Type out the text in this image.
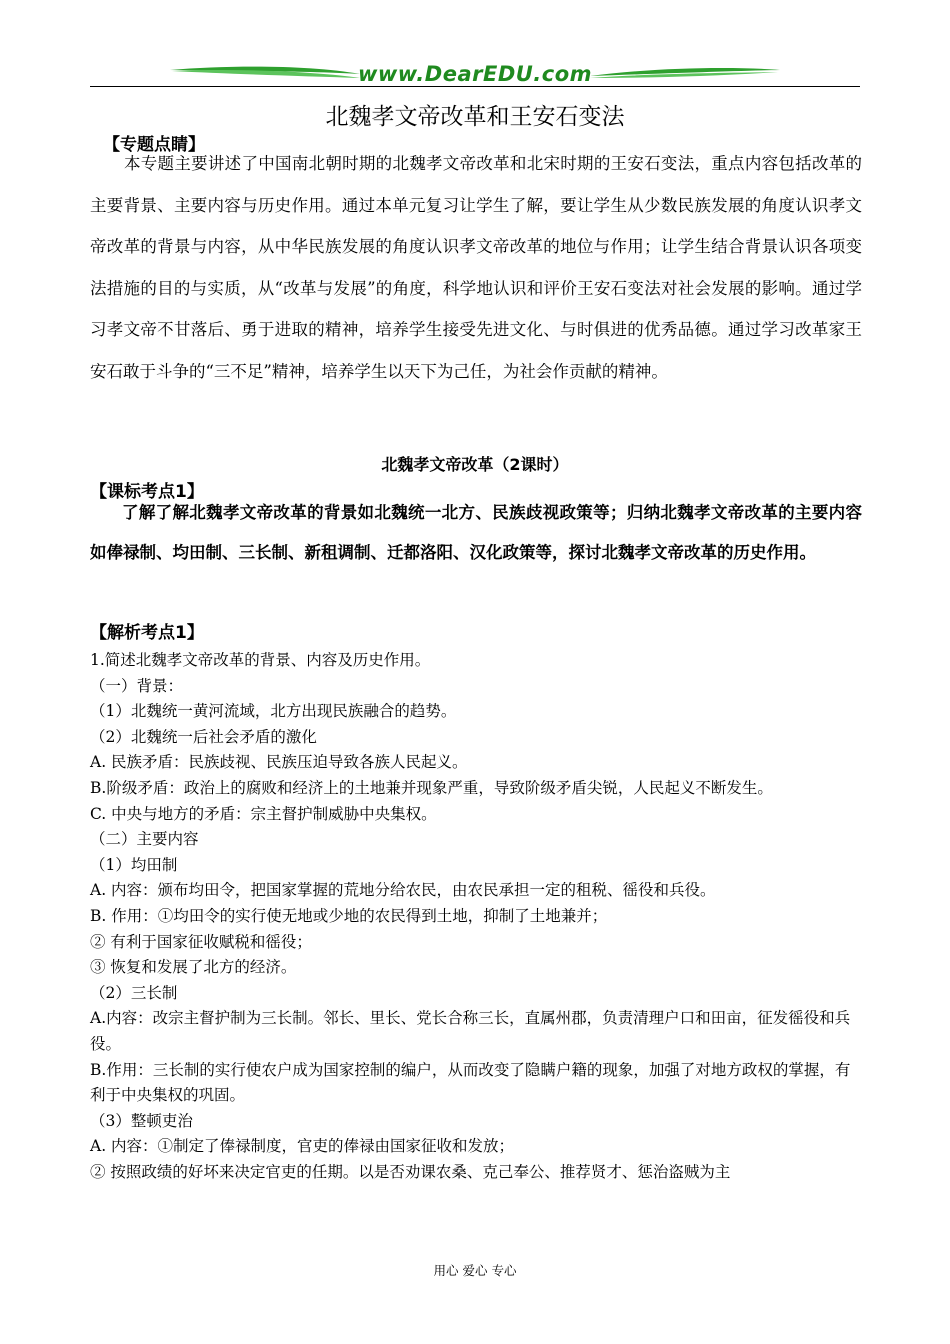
www.DearEDU.com
北魏孝文帝改革和王安石变法
【专题点睛】
本专题主要讲述了中国南北朝时期的北魏孝文帝改革和北宋时期的王安石变法，重点内容包括改革的主要背景、主要内容与历史作用。通过本单元复习让学生了解，要让学生从少数民族发展的角度认识孝文帝改革的背景与内容，从中华民族发展的角度认识孝文帝改革的地位与作用；让学生结合背景认识各项变法措施的目的与实质，从“改革与发展”的角度，科学地认识和评价王安石变法对社会发展的影响。通过学习孝文帝不甘落后、勇于进取的精神，培养学生接受先进文化、与时俱进的优秀品德。通过学习改革家王安石敢于斗争的“三不足”精神，培养学生以天下为己任，为社会作贡献的精神。
北魏孝文帝改革（2课时）
【课标考点1】
了解了解北魏孝文帝改革的背景如北魏统一北方、民族歧视政策等；归纳北魏孝文帝改革的主要内容如俸禄制、均田制、三长制、新租调制、迁都洛阳、汉化政策等，探讨北魏孝文帝改革的历史作用。
【解析考点1】
1.简述北魏孝文帝改革的背景、内容及历史作用。
（一）背景：
（1）北魏统一黄河流域，北方出现民族融合的趋势。
（2）北魏统一后社会矛盾的激化
A. 民族矛盾：民族歧视、民族压迫导致各族人民起义。
B.阶级矛盾：政治上的腐败和经济上的土地兼并现象严重，导致阶级矛盾尖锐，人民起义不断发生。
C. 中央与地方的矛盾：宗主督护制威胁中央集权。
（二）主要内容
（1）均田制
A. 内容：颁布均田令，把国家掌握的荒地分给农民，由农民承担一定的租税、徭役和兵役。
B. 作用：①均田令的实行使无地或少地的农民得到土地，抑制了土地兼并；
② 有利于国家征收赋税和徭役；
③ 恢复和发展了北方的经济。
（2）三长制
A.内容：改宗主督护制为三长制。邻长、里长、党长合称三长，直属州郡，负责清理户口和田亩，征发徭役和兵役。
B.作用：三长制的实行使农户成为国家控制的编户，从而改变了隐瞒户籍的现象，加强了对地方政权的掌握，有利于中央集权的巩固。
（3）整顿吏治
A. 内容：①制定了俸禄制度，官吏的俸禄由国家征收和发放；
② 按照政绩的好坏来决定官吏的任期。以是否劝课农桑、克己奉公、推荐贤才、惩治盗贼为主
用心 爱心 专心
